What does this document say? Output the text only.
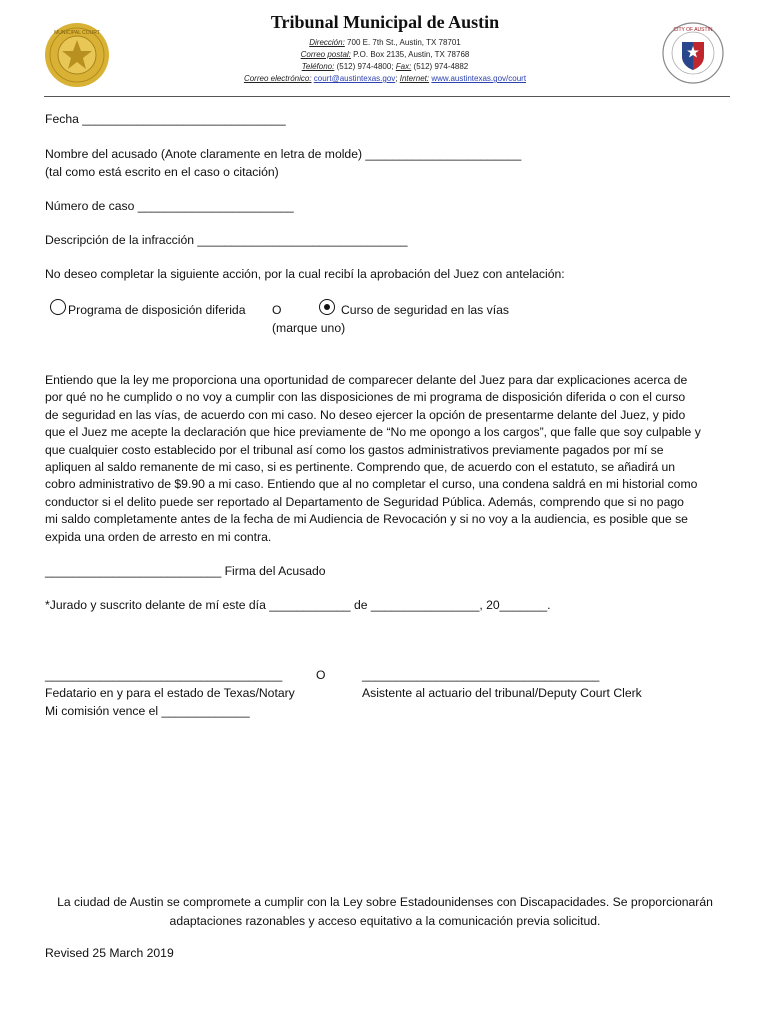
Tribunal Municipal de Austin
Dirección: 700 E. 7th St., Austin, TX 78701
Correo postal: P.O. Box 2135, Austin, TX 78768
Teléfono: (512) 974-4800; Fax: (512) 974-4882
Correo electrónico: court@austintexas.gov; Internet: www.austintexas.gov/court
MUNICIPAL COURT	CITY OF AUSTIN
Fecha ______________________________
Nombre del acusado (Anote claramente en letra de molde) _______________________
(tal como está escrito en el caso o citación)
Número de caso _______________________
Descripción de la infracción _______________________________
No deseo completar la siguiente acción, por la cual recibí la aprobación del Juez con antelación:
Programa de disposición diferida O	Curso de seguridad en las vías
(marque uno)
Entiendo que la ley me proporciona una oportunidad de comparecer delante del Juez para dar explicaciones acerca de
por qué no he cumplido o no voy a cumplir con las disposiciones de mi programa de disposición diferida o con el curso
de seguridad en las vías, de acuerdo con mi caso. No deseo ejercer la opción de presentarme delante del Juez, y pido
que el Juez me acepte la declaración que hice previamente de “No me opongo a los cargos”, que falle que soy culpable y
que cualquier costo establecido por el tribunal así como los gastos administrativos previamente pagados por mí se
apliquen al saldo remanente de mi caso, si es pertinente. Comprendo que, de acuerdo con el estatuto, se añadirá un
cobro administrativo de $9.90 a mi caso. Entiendo que al no completar el curso, una condena saldrá en mi historial como
conductor si el delito puede ser reportado al Departamento de Seguridad Pública. Además, comprendo que si no pago
mi saldo completamente antes de la fecha de mi Audiencia de Revocación y si no voy a la audiencia, es posible que se
expida una orden de arresto en mi contra.
__________________________ Firma del Acusado
*Jurado y suscrito delante de mí este día ____________ de ________________, 20_______.
___________________________________	O	___________________________________
Fedatario en y para el estado de Texas/Notary
Mi comisión vence el _____________
Asistente al actuario del tribunal/Deputy Court Clerk
La ciudad de Austin se compromete a cumplir con la Ley sobre Estadounidenses con Discapacidades. Se proporcionarán
adaptaciones razonables y acceso equitativo a la comunicación previa solicitud.
Revised 25 March 2019
